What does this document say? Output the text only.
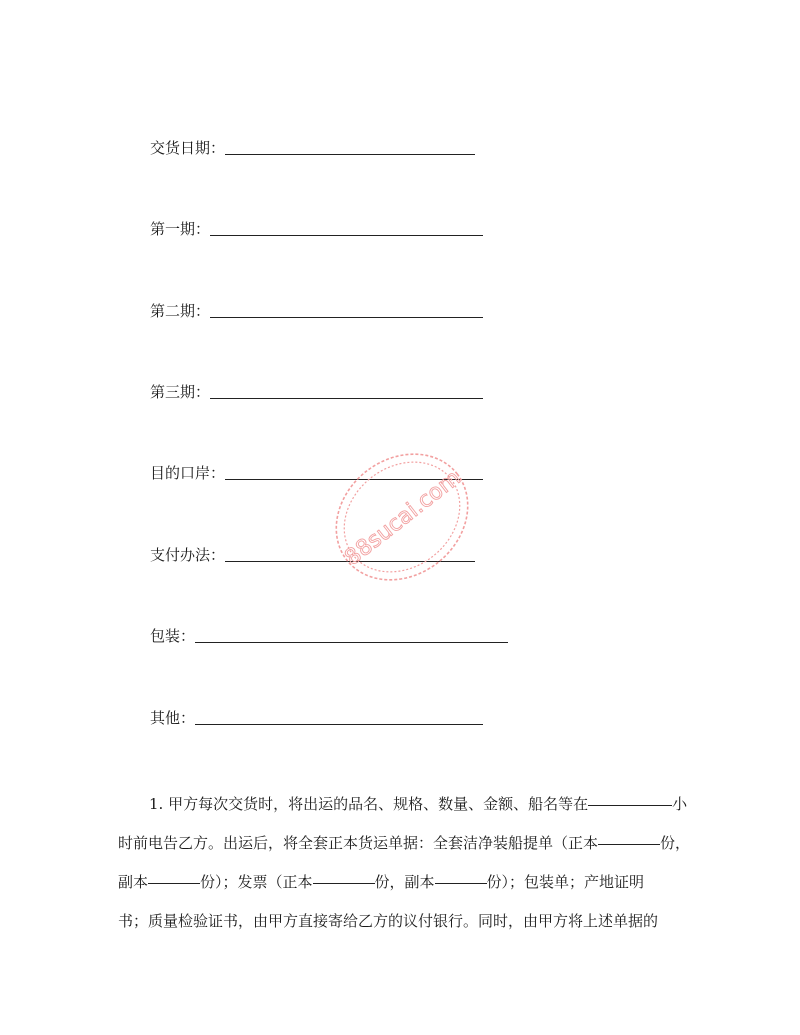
交货日期：
第一期：
第二期：
第三期：
目的口岸：
支付办法：
包装：
其他：
1. 甲方每次交货时，将出运的品名、规格、数量、金额、船名等在	小
时前电告乙方。出运后，将全套正本货运单据：全套洁净装船提单（正本	份，
副本	份）；发票（正本	份，副本	份）；包装单；产地证明
书；质量检验证书，由甲方直接寄给乙方的议付银行。同时，由甲方将上述单据的
88sucai.com
